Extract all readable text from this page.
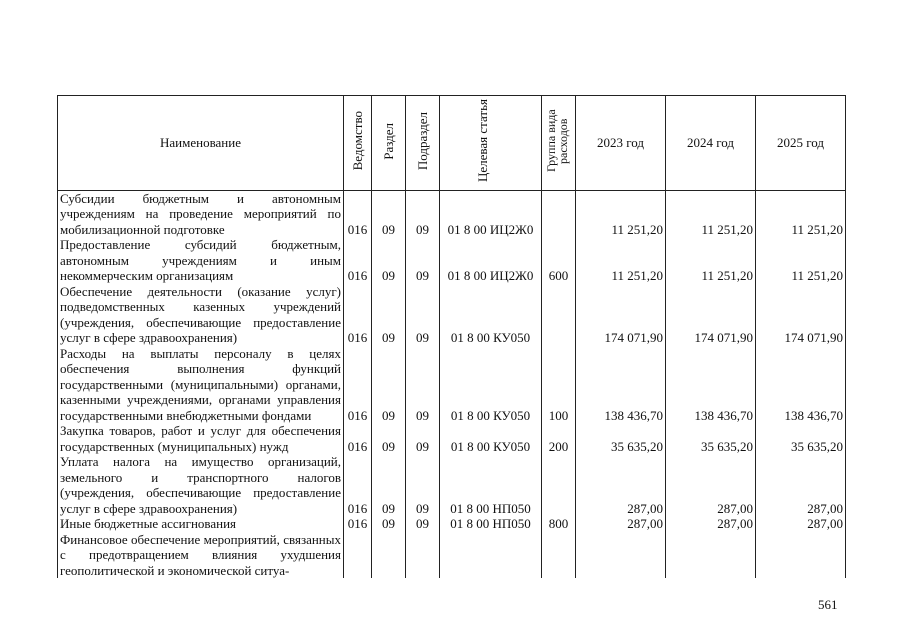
Наименование	Ведомство	Раздел	Подраздел	Целевая статья	Группа вида расходов	2023 год	2024 год	2025 год
Субсидии бюджетным и автономным учреждениям на проведение мероприятий по мобилизационной подготовке	016	09	09	01 8 00 ИЦ2Ж0		11 251,20	11 251,20	11 251,20
Предоставление субсидий бюджетным, автономным учреждениям и иным некоммерческим организациям	016	09	09	01 8 00 ИЦ2Ж0	600	11 251,20	11 251,20	11 251,20
Обеспечение деятельности (оказание услуг) подведомственных казенных учреждений (учреждения, обеспечивающие предоставление услуг в сфере здравоохранения)	016	09	09	01 8 00 КУ050		174 071,90	174 071,90	174 071,90
Расходы на выплаты персоналу в целях обеспечения выполнения функций государственными (муниципальными) органами, казенными учреждениями, органами управления государственными внебюджетными фондами	016	09	09	01 8 00 КУ050	100	138 436,70	138 436,70	138 436,70
Закупка товаров, работ и услуг для обеспечения государственных (муниципальных) нужд	016	09	09	01 8 00 КУ050	200	35 635,20	35 635,20	35 635,20
Уплата налога на имущество организаций, земельного и транспортного налогов (учреждения, обеспечивающие предоставление услуг в сфере здравоохранения)	016	09	09	01 8 00 НП050		287,00	287,00	287,00
Иные бюджетные ассигнования	016	09	09	01 8 00 НП050	800	287,00	287,00	287,00
Финансовое обеспечение мероприятий, связанных с предотвращением влияния ухудшения геополитической и экономической ситуа-								
561
